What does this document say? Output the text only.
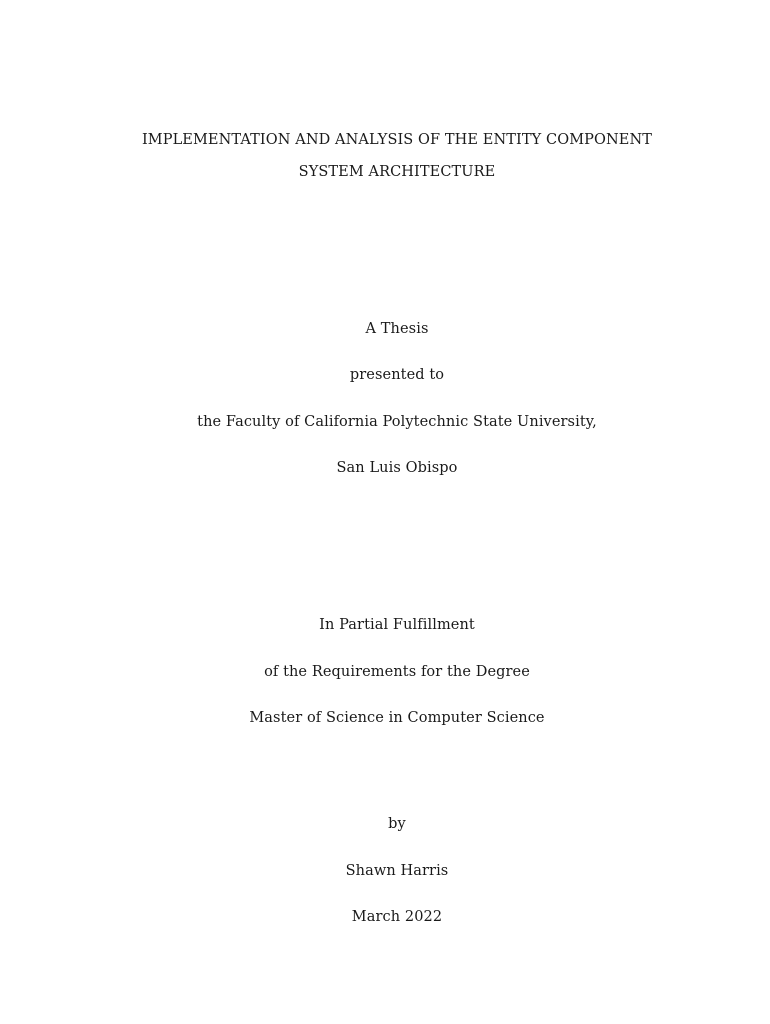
IMPLEMENTATION AND ANALYSIS OF THE ENTITY COMPONENT
SYSTEM ARCHITECTURE
A Thesis
presented to
the Faculty of California Polytechnic State University,
San Luis Obispo
In Partial Fulfillment
of the Requirements for the Degree
Master of Science in Computer Science
by
Shawn Harris
March 2022
